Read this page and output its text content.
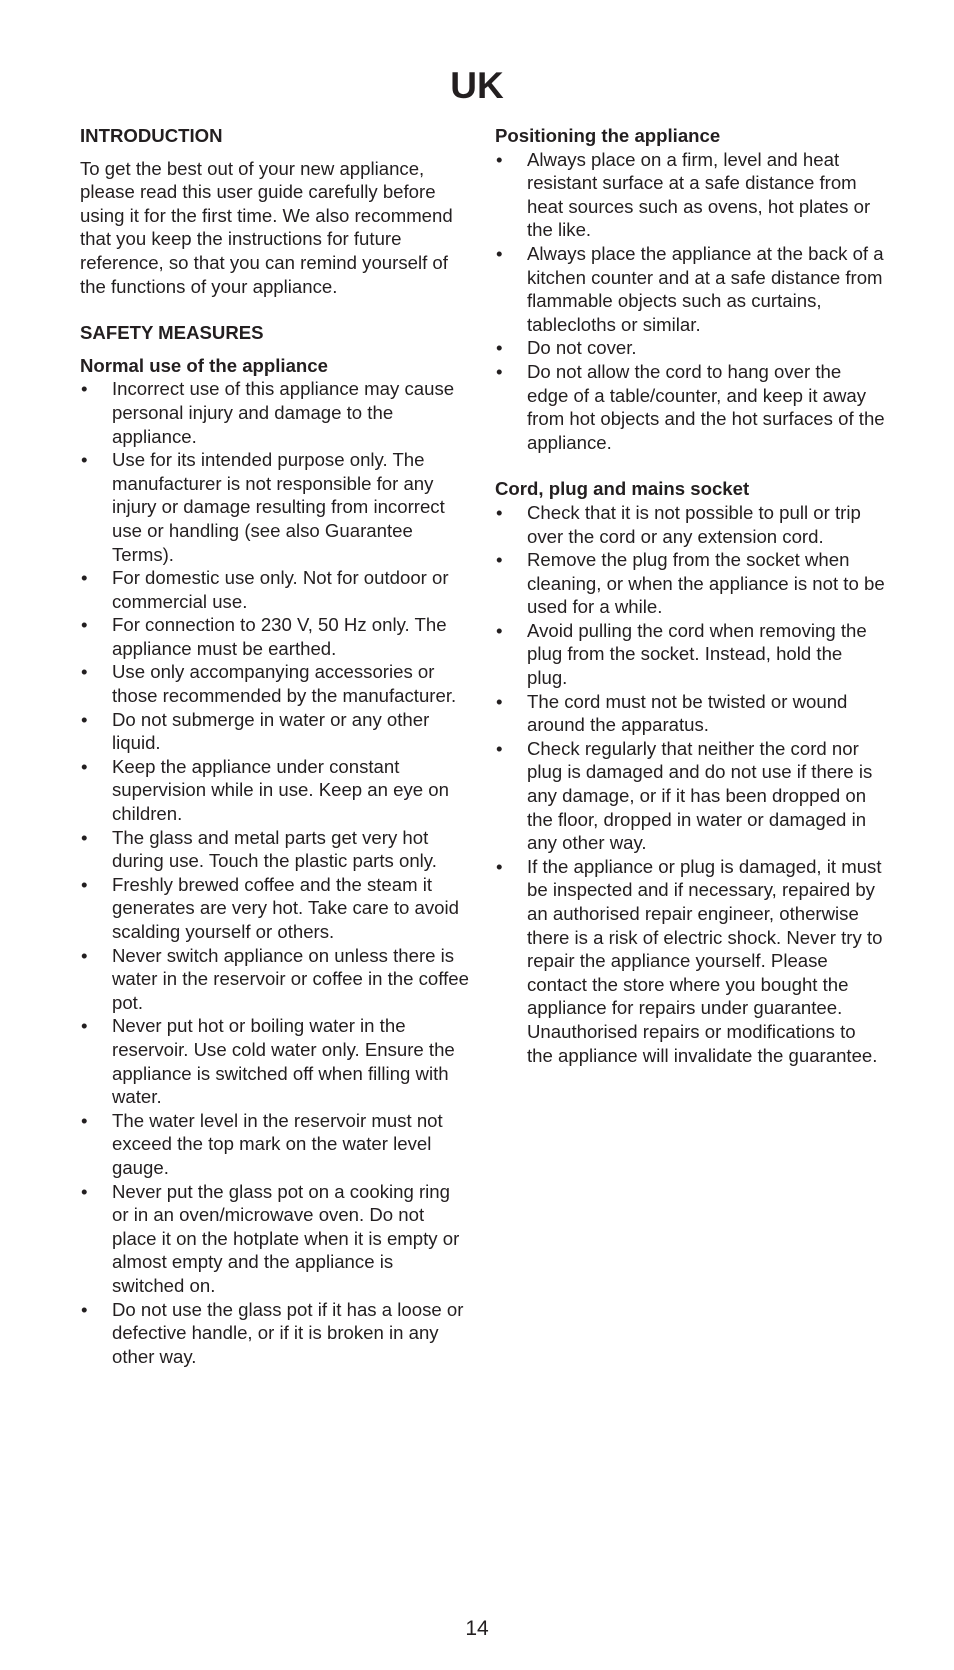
UK

INTRODUCTION

To get the best out of your new appliance, please read this user guide carefully before using it for the first time. We also recommend that you keep the instructions for future reference, so that you can remind yourself of the functions of your appliance.

SAFETY MEASURES

Normal use of the appliance

• Incorrect use of this appliance may cause personal injury and damage to the appliance.
• Use for its intended purpose only. The manufacturer is not responsible for any injury or damage resulting from incorrect use or handling (see also Guarantee Terms).
• For domestic use only. Not for outdoor or commercial use.
• For connection to 230 V, 50 Hz only. The appliance must be earthed.
• Use only accompanying accessories or those recommended by the manufacturer.
• Do not submerge in water or any other liquid.
• Keep the appliance under constant supervision while in use. Keep an eye on children.
• The glass and metal parts get very hot during use. Touch the plastic parts only.
• Freshly brewed coffee and the steam it generates are very hot. Take care to avoid scalding yourself or others.
• Never switch appliance on unless there is water in the reservoir or coffee in the coffee pot.
• Never put hot or boiling water in the reservoir. Use cold water only. Ensure the appliance is switched off when filling with water.
• The water level in the reservoir must not exceed the top mark on the water level gauge.
• Never put the glass pot on a cooking ring or in an oven/microwave oven. Do not place it on the hotplate when it is empty or almost empty and the appliance is switched on.
• Do not use the glass pot if it has a loose or defective handle, or if it is broken in any other way.

Positioning the appliance

• Always place on a firm, level and heat resistant surface at a safe distance from heat sources such as ovens, hot plates or the like.
• Always place the appliance at the back of a kitchen counter and at a safe distance from flammable objects such as curtains, tablecloths or similar.
• Do not cover.
• Do not allow the cord to hang over the edge of a table/counter, and keep it away from hot objects and the hot surfaces of the appliance.

Cord, plug and mains socket

• Check that it is not possible to pull or trip over the cord or any extension cord.
• Remove the plug from the socket when cleaning, or when the appliance is not to be used for a while.
• Avoid pulling the cord when removing the plug from the socket. Instead, hold the plug.
• The cord must not be twisted or wound around the apparatus.
• Check regularly that neither the cord nor plug is damaged and do not use if there is any damage, or if it has been dropped on the floor, dropped in water or damaged in any other way.
• If the appliance or plug is damaged, it must be inspected and if necessary, repaired by an authorised repair engineer, otherwise there is a risk of electric shock. Never try to repair the appliance yourself. Please contact the store where you bought the appliance for repairs under guarantee. Unauthorised repairs or modifications to the appliance will invalidate the guarantee.
14
